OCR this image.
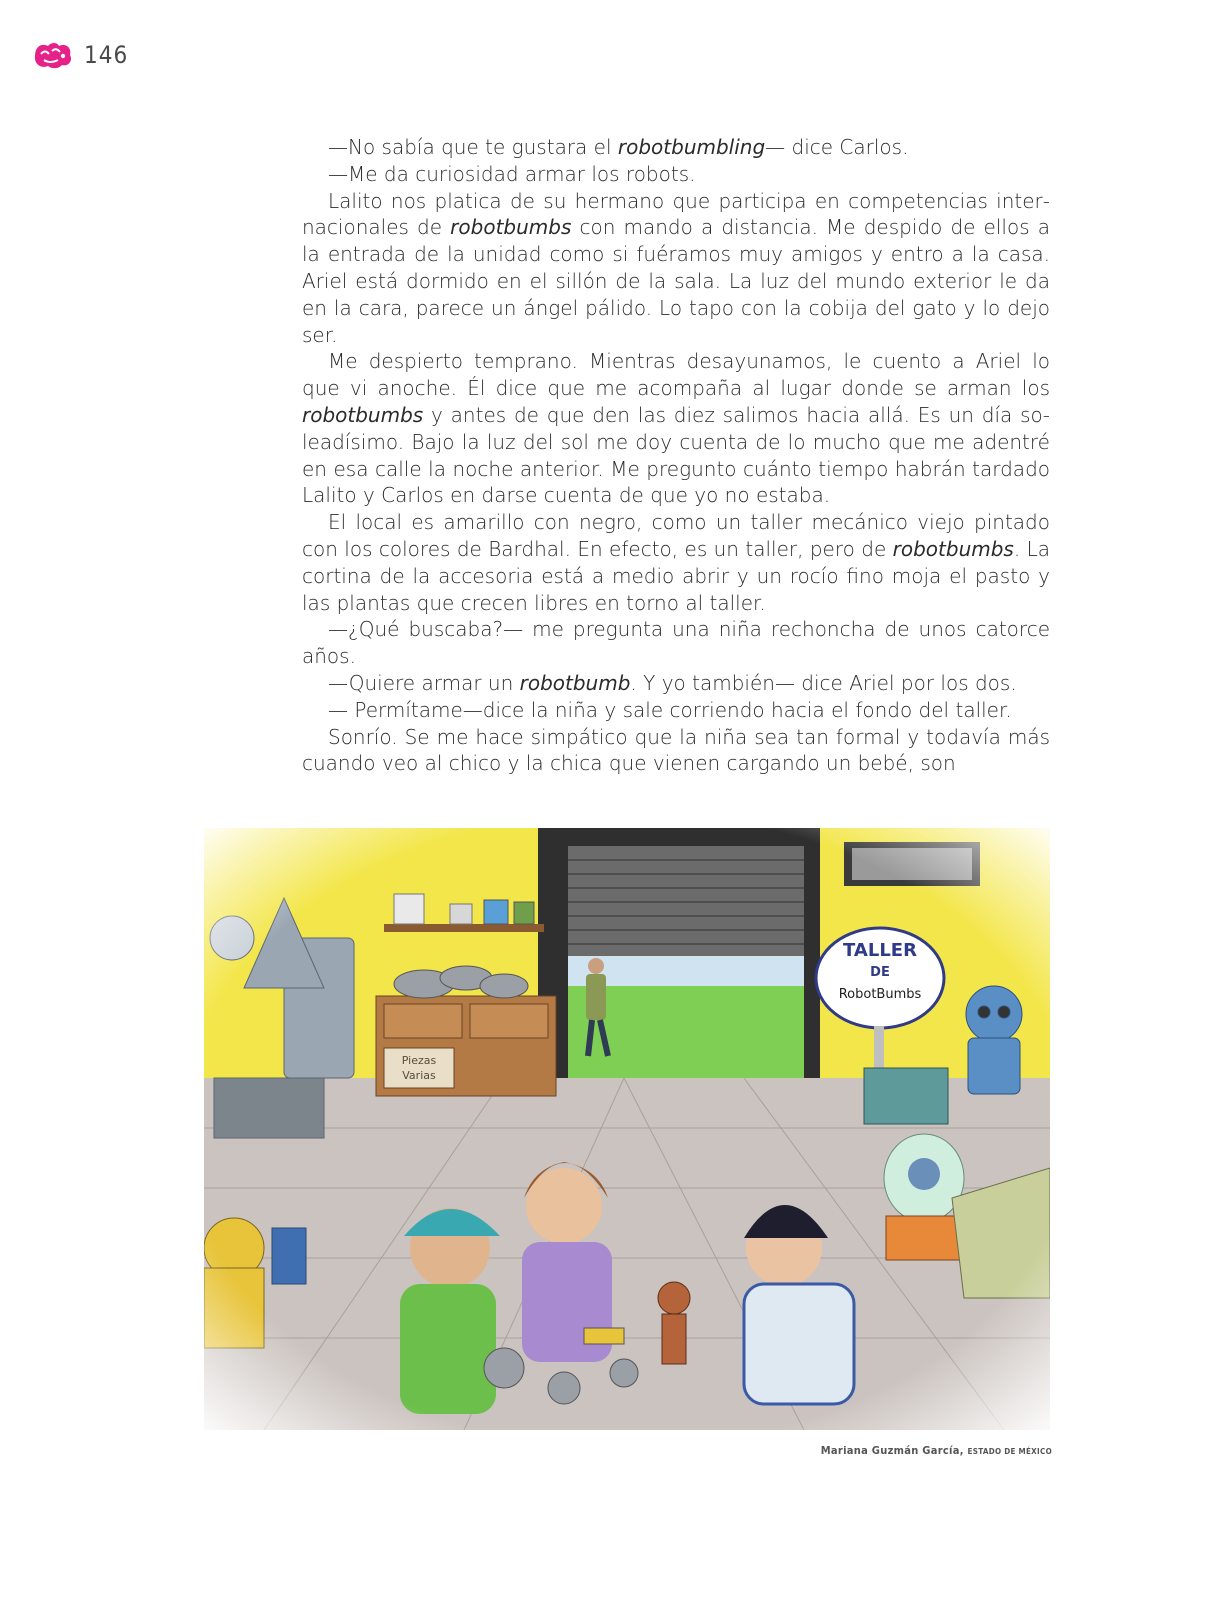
146

—No sabía que te gustara el robotbumbling— dice Carlos.

—Me da curiosidad armar los robots.

Lalito nos platica de su hermano que participa en competencias internacionales de robotbumbs con mando a distancia. Me despido de ellos a la entrada de la unidad como si fuéramos muy amigos y entro a la casa. Ariel está dormido en el sillón de la sala. La luz del mundo exterior le da en la cara, parece un ángel pálido. Lo tapo con la cobija del gato y lo dejo ser.

Me despierto temprano. Mientras desayunamos, le cuento a Ariel lo que vi anoche. Él dice que me acompaña al lugar donde se arman los robotbumbs y antes de que den las diez salimos hacia allá. Es un día soleadísimo. Bajo la luz del sol me doy cuenta de lo mucho que me adentré en esa calle la noche anterior. Me pregunto cuánto tiempo habrán tardado Lalito y Carlos en darse cuenta de que yo no estaba.

El local es amarillo con negro, como un taller mecánico viejo pintado con los colores de Bardhal. En efecto, es un taller, pero de robotbumbs. La cortina de la accesoria está a medio abrir y un rocío fino moja el pasto y las plantas que crecen libres en torno al taller.

—¿Qué buscaba?— me pregunta una niña rechoncha de unos catorce años.

—Quiere armar un robotbumb. Y yo también— dice Ariel por los dos.

— Permítame—dice la niña y sale corriendo hacia el fondo del taller.

Sonrío. Se me hace simpático que la niña sea tan formal y todavía más cuando veo al chico y la chica que vienen cargando un bebé, son

Mariana Guzmán García, ESTADO DE MÉXICO
